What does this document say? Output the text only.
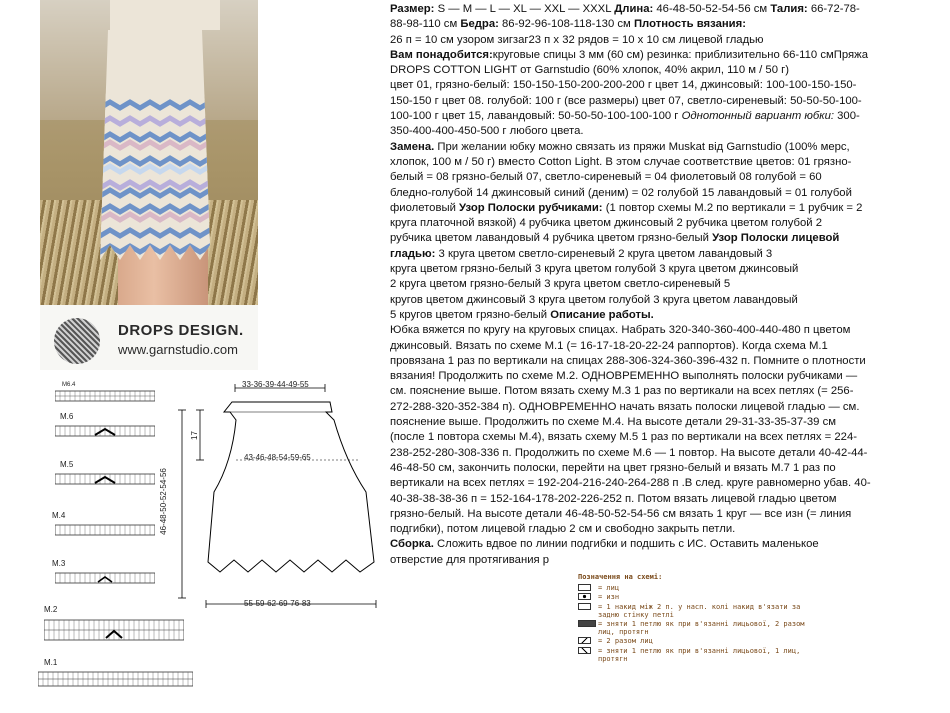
DROPS DESIGN.
www.garnstudio.com
M6.4
M.6
M.5
M.4
M.3
M.2
M.1
33-36-39-44-49-55
43-46-48-54-59-65
55-59-62-69-76-83
46-48-50-52-54-56
17
Размер: S — M — L — XL — XXL — XXXL Длина: 46-48-50-52-54-56 см Талия: 66-72-78-
88-98-110 см Бедра: 86-92-96-108-118-130 см Плотность вязания:
26 п = 10 см узором зигзаг23 п х 32 рядов = 10 х 10 см лицевой гладью
Вам понадобится:круговые спицы 3 мм (60 см) резинка: приблизительно 66-110 смПряжа
DROPS COTTON LIGHT от Garnstudio (60% хлопок, 40% акрил, 110 м / 50 г)
цвет 01, грязно-белый: 150-150-150-200-200-200 г цвет 14, джинсовый: 100-100-150-150-
150-150 г цвет 08. голубой: 100 г (все размеры) цвет 07, светло-сиреневый: 50-50-50-100-
100-100 г цвет 15, лавандовый: 50-50-50-100-100-100 г Однотонный вариант юбки: 300-
350-400-400-450-500 г любого цвета.
Замена. При желании юбку можно связать из пряжи Muskat від Garnstudio (100% мерс,
хлопок, 100 м / 50 г) вместо Cotton Light. В этом случае соответствие цветов: 01 грязно-
белый = 08 грязно-белый 07, светло-сиреневый = 04 фиолетовый 08 голубой = 60
бледно-голубой 14 джинсовый синий (деним) = 02 голубой 15 лавандовый = 01 голубой
фиолетовый Узор Полоски рубчиками: (1 повтор схемы М.2 по вертикали = 1 рубчик = 2
круга платочной вязкой) 4 рубчика цветом джинсовый 2 рубчика цветом голубой 2
рубчика цветом лавандовый 4 рубчика цветом грязно-белый Узор Полоски лицевой
гладью: 3 круга цветом светло-сиреневый 2 круга цветом лавандовый 3
круга цветом грязно-белый 3 круга цветом голубой 3 круга цветом джинсовый
2 круга цветом грязно-белый 3 круга цветом светло-сиреневый 5
кругов цветом джинсовый 3 круга цветом голубой 3 круга цветом лавандовый
5 кругов цветом грязно-белый Описание работы.
Юбка вяжется по кругу на круговых спицах. Набрать 320-340-360-400-440-480 п цветом
джинсовый. Вязать по схеме М.1 (= 16-17-18-20-22-24 раппортов). Когда схема М.1
провязана 1 раз по вертикали на спицах 288-306-324-360-396-432 п. Помните о плотности
вязания! Продолжить по схеме М.2. ОДНОВРЕМЕННО выполнять полоски рубчиками —
см. пояснение выше. Потом вязать схему М.3 1 раз по вертикали на всех петлях (= 256-
272-288-320-352-384 п). ОДНОВРЕМЕННО начать вязать полоски лицевой гладью — см.
пояснение выше. Продолжить по схеме М.4. На высоте детали 29-31-33-35-37-39 см
(после 1 повтора схемы М.4), вязать схему М.5 1 раз по вертикали на всех петлях = 224-
238-252-280-308-336 п. Продолжить по схеме М.6 — 1 повтор. На высоте детали 40-42-44-
46-48-50 см, закончить полоски, перейти на цвет грязно-белый и вязать М.7 1 раз по
вертикали на всех петлях = 192-204-216-240-264-288 п .В след. круге равномерно убав. 40-
40-38-38-38-36 п = 152-164-178-202-226-252 п. Потом вязать лицевой гладью цветом
грязно-белый. На высоте детали 46-48-50-52-54-56 см вязать 1 круг — все изн (= линия
подгибки), потом лицевой гладью 2 см и свободно закрыть петли.
Сборка. Сложить вдвое по линии подгибки и подшить с ИС. Оставить маленькое
отверстие для протягивания р
Позначення на схемі:
= лиц
= изн
= 1 накид між 2 п. у насп. колі накид в'язати за задню стінку петлі
= зняти 1 петлю як при в'язанні лицьової, 2 разом лиц, протягн
= 2 разом лиц
= зняти 1 петлю як при в'язанні лицьової, 1 лиц, протягн
